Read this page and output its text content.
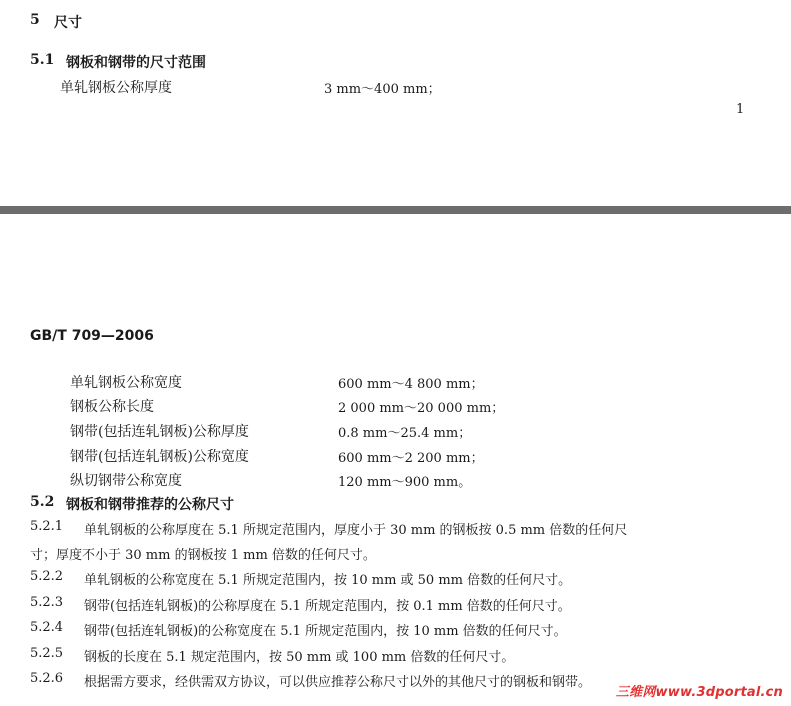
5 尺寸
5.1 钢板和钢带的尺寸范围
单轧钢板公称厚度	3 mm～400 mm；
1
GB/T 709—2006
单轧钢板公称宽度	600 mm～4 800 mm；
钢板公称长度	2 000 mm～20 000 mm；
钢带(包括连轧钢板)公称厚度	0.8 mm～25.4 mm；
钢带(包括连轧钢板)公称宽度	600 mm～2 200 mm；
纵切钢带公称宽度	120 mm～900 mm。
5.2 钢板和钢带推荐的公称尺寸
5.2.1 单轧钢板的公称厚度在 5.1 所规定范围内，厚度小于 30 mm 的钢板按 0.5 mm 倍数的任何尺
寸；厚度不小于 30 mm 的钢板按 1 mm 倍数的任何尺寸。
5.2.2 单轧钢板的公称宽度在 5.1 所规定范围内，按 10 mm 或 50 mm 倍数的任何尺寸。
5.2.3 钢带(包括连轧钢板)的公称厚度在 5.1 所规定范围内，按 0.1 mm 倍数的任何尺寸。
5.2.4 钢带(包括连轧钢板)的公称宽度在 5.1 所规定范围内，按 10 mm 倍数的任何尺寸。
5.2.5 钢板的长度在 5.1 规定范围内，按 50 mm 或 100 mm 倍数的任何尺寸。
5.2.6 根据需方要求，经供需双方协议，可以供应推荐公称尺寸以外的其他尺寸的钢板和钢带。
三维网www.3dportal.cn
